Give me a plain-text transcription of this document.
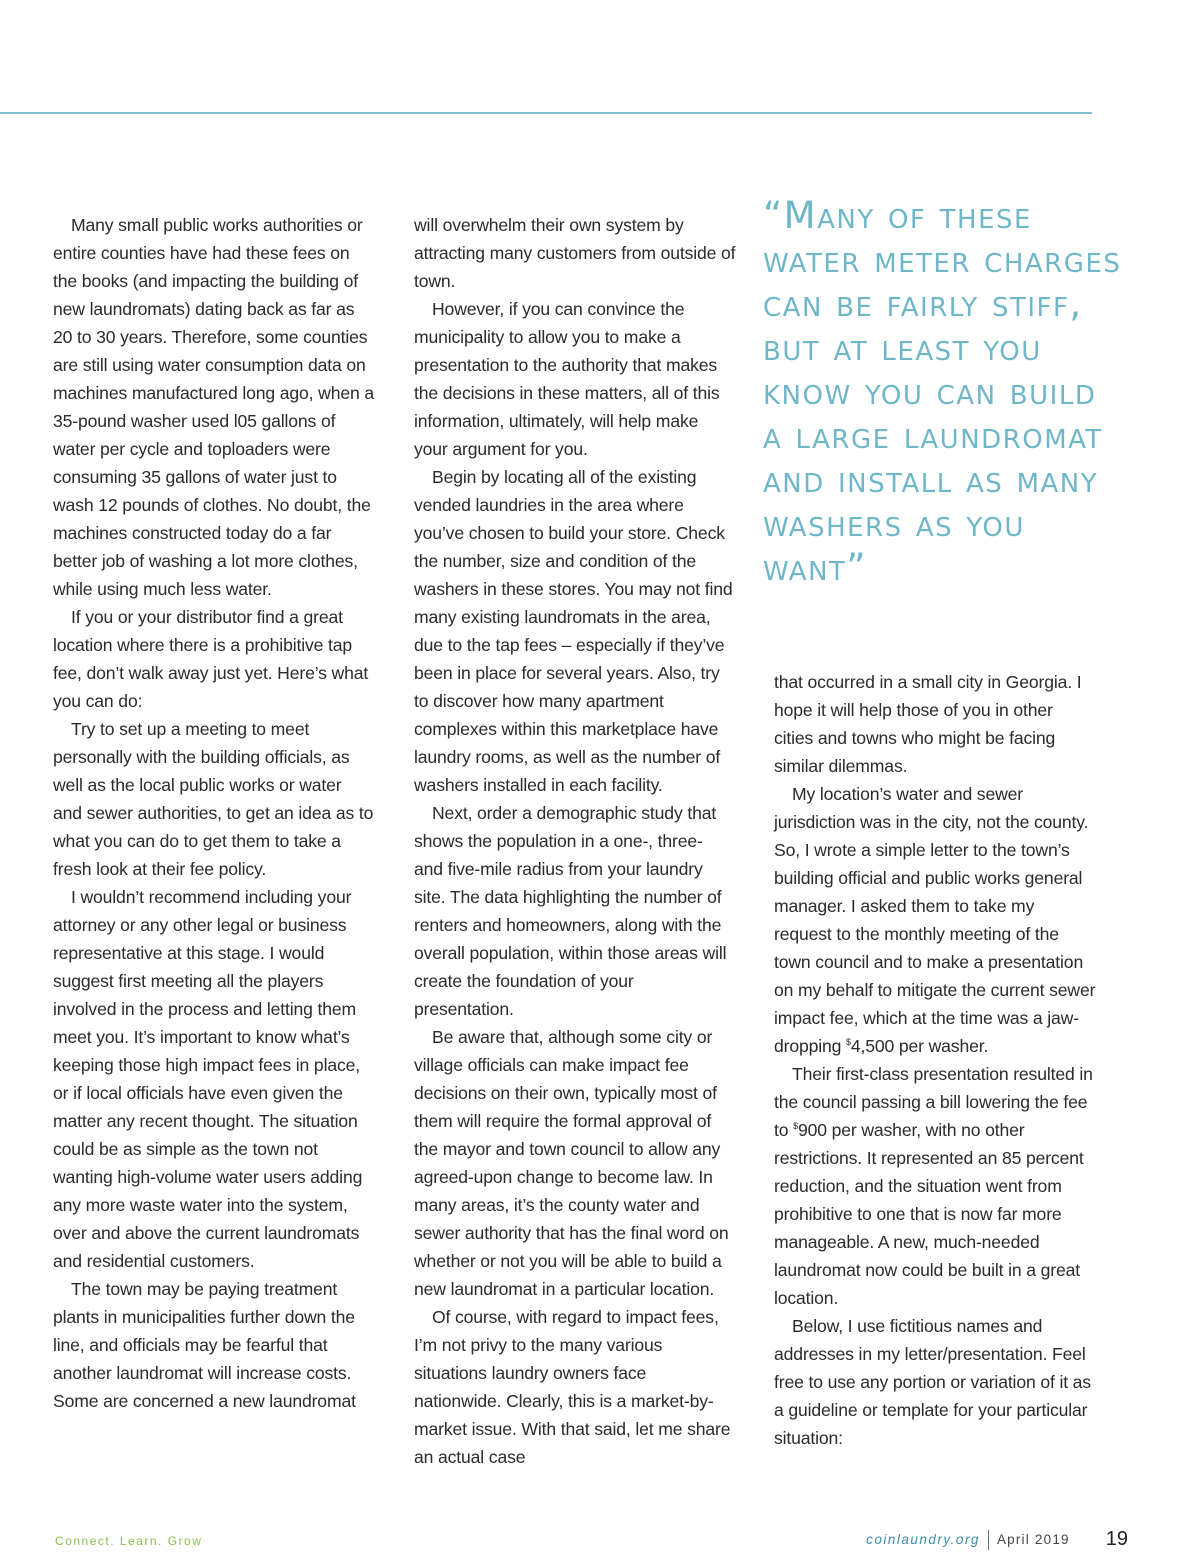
Many small public works authorities or entire counties have had these fees on the books (and impacting the building of new laundromats) dating back as far as 20 to 30 years. Therefore, some counties are still using water consumption data on machines manufactured long ago, when a 35-pound washer used l05 gallons of water per cycle and toploaders were consuming 35 gallons of water just to wash 12 pounds of clothes. No doubt, the machines constructed today do a far better job of washing a lot more clothes, while using much less water.

If you or your distributor find a great location where there is a prohibitive tap fee, don’t walk away just yet. Here’s what you can do:

Try to set up a meeting to meet personally with the building officials, as well as the local public works or water and sewer authorities, to get an idea as to what you can do to get them to take a fresh look at their fee policy.

I wouldn’t recommend including your attorney or any other legal or business representative at this stage. I would suggest first meeting all the players involved in the process and letting them meet you. It’s important to know what’s keeping those high impact fees in place, or if local officials have even given the matter any recent thought. The situation could be as simple as the town not wanting high-volume water users adding any more waste water into the system, over and above the current laundromats and residential customers.

The town may be paying treatment plants in municipalities further down the line, and officials may be fearful that another laundromat will increase costs. Some are concerned a new laundromat

will overwhelm their own system by attracting many customers from outside of town.

However, if you can convince the municipality to allow you to make a presentation to the authority that makes the decisions in these matters, all of this information, ultimately, will help make your argument for you.

Begin by locating all of the existing vended laundries in the area where you’ve chosen to build your store. Check the number, size and condition of the washers in these stores. You may not find many existing laundromats in the area, due to the tap fees – especially if they’ve been in place for several years. Also, try to discover how many apartment complexes within this marketplace have laundry rooms, as well as the number of washers installed in each facility.

Next, order a demographic study that shows the population in a one-, three- and five-mile radius from your laundry site. The data highlighting the number of renters and homeowners, along with the overall population, within those areas will create the foundation of your presentation.

Be aware that, although some city or village officials can make impact fee decisions on their own, typically most of them will require the formal approval of the mayor and town council to allow any agreed-upon change to become law. In many areas, it’s the county water and sewer authority that has the final word on whether or not you will be able to build a new laundromat in a particular location.

Of course, with regard to impact fees, I’m not privy to the many various situations laundry owners face nationwide. Clearly, this is a market-by-market issue. With that said, let me share an actual case

“Many of these water meter charges can be fairly stiff, but at least you know you can build a large laundromat and install as many washers as you want”

that occurred in a small city in Georgia. I hope it will help those of you in other cities and towns who might be facing similar dilemmas.

My location’s water and sewer jurisdiction was in the city, not the county. So, I wrote a simple letter to the town’s building official and public works general manager. I asked them to take my request to the monthly meeting of the town council and to make a presentation on my behalf to mitigate the current sewer impact fee, which at the time was a jaw-dropping $4,500 per washer.

Their first-class presentation resulted in the council passing a bill lowering the fee to $900 per washer, with no other restrictions. It represented an 85 percent reduction, and the situation went from prohibitive to one that is now far more manageable. A new, much-needed laundromat now could be built in a great location.

Below, I use fictitious names and addresses in my letter/presentation. Feel free to use any portion or variation of it as a guideline or template for your particular situation:

Connect. Learn. Grow	coinlaundry.org April 2019 19
